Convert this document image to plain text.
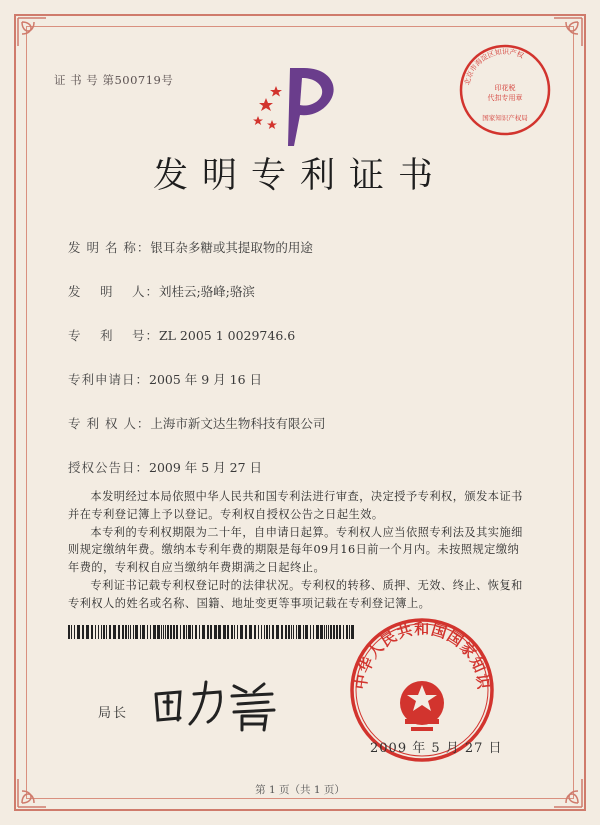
证 书 号 第500719号	北京市海淀区知识产权
印花税
代扣专用章
国家知识产权局
发明专利证书
发 明 名 称：银耳杂多糖或其提取物的用途
发　 明　 人：刘桂云;骆峰;骆滨
专　 利　 号：ZL 2005 1 0029746.6
专利申请日：2005 年 9 月 16 日
专 利 权 人：上海市新文达生物科技有限公司
授权公告日：2009 年 5 月 27 日

本发明经过本局依照中华人民共和国专利法进行审查，决定授予专利权，颁发本证书

并在专利登记簿上予以登记。专利权自授权公告之日起生效。

本专利的专利权期限为二十年，自申请日起算。专利权人应当依照专利法及其实施细

则规定缴纳年费。缴纳本专利年费的期限是每年09月16日前一个月内。未按照规定缴纳

年费的，专利权自应当缴纳年费期满之日起终止。

专利证书记载专利权登记时的法律状况。专利权的转移、质押、无效、终止、恢复和

专利权人的姓名或名称、国籍、地址变更等事项记载在专利登记簿上。

局长
中华人民共和国国家知识
2009 年 5 月 27 日
第 1 页（共 1 页）
